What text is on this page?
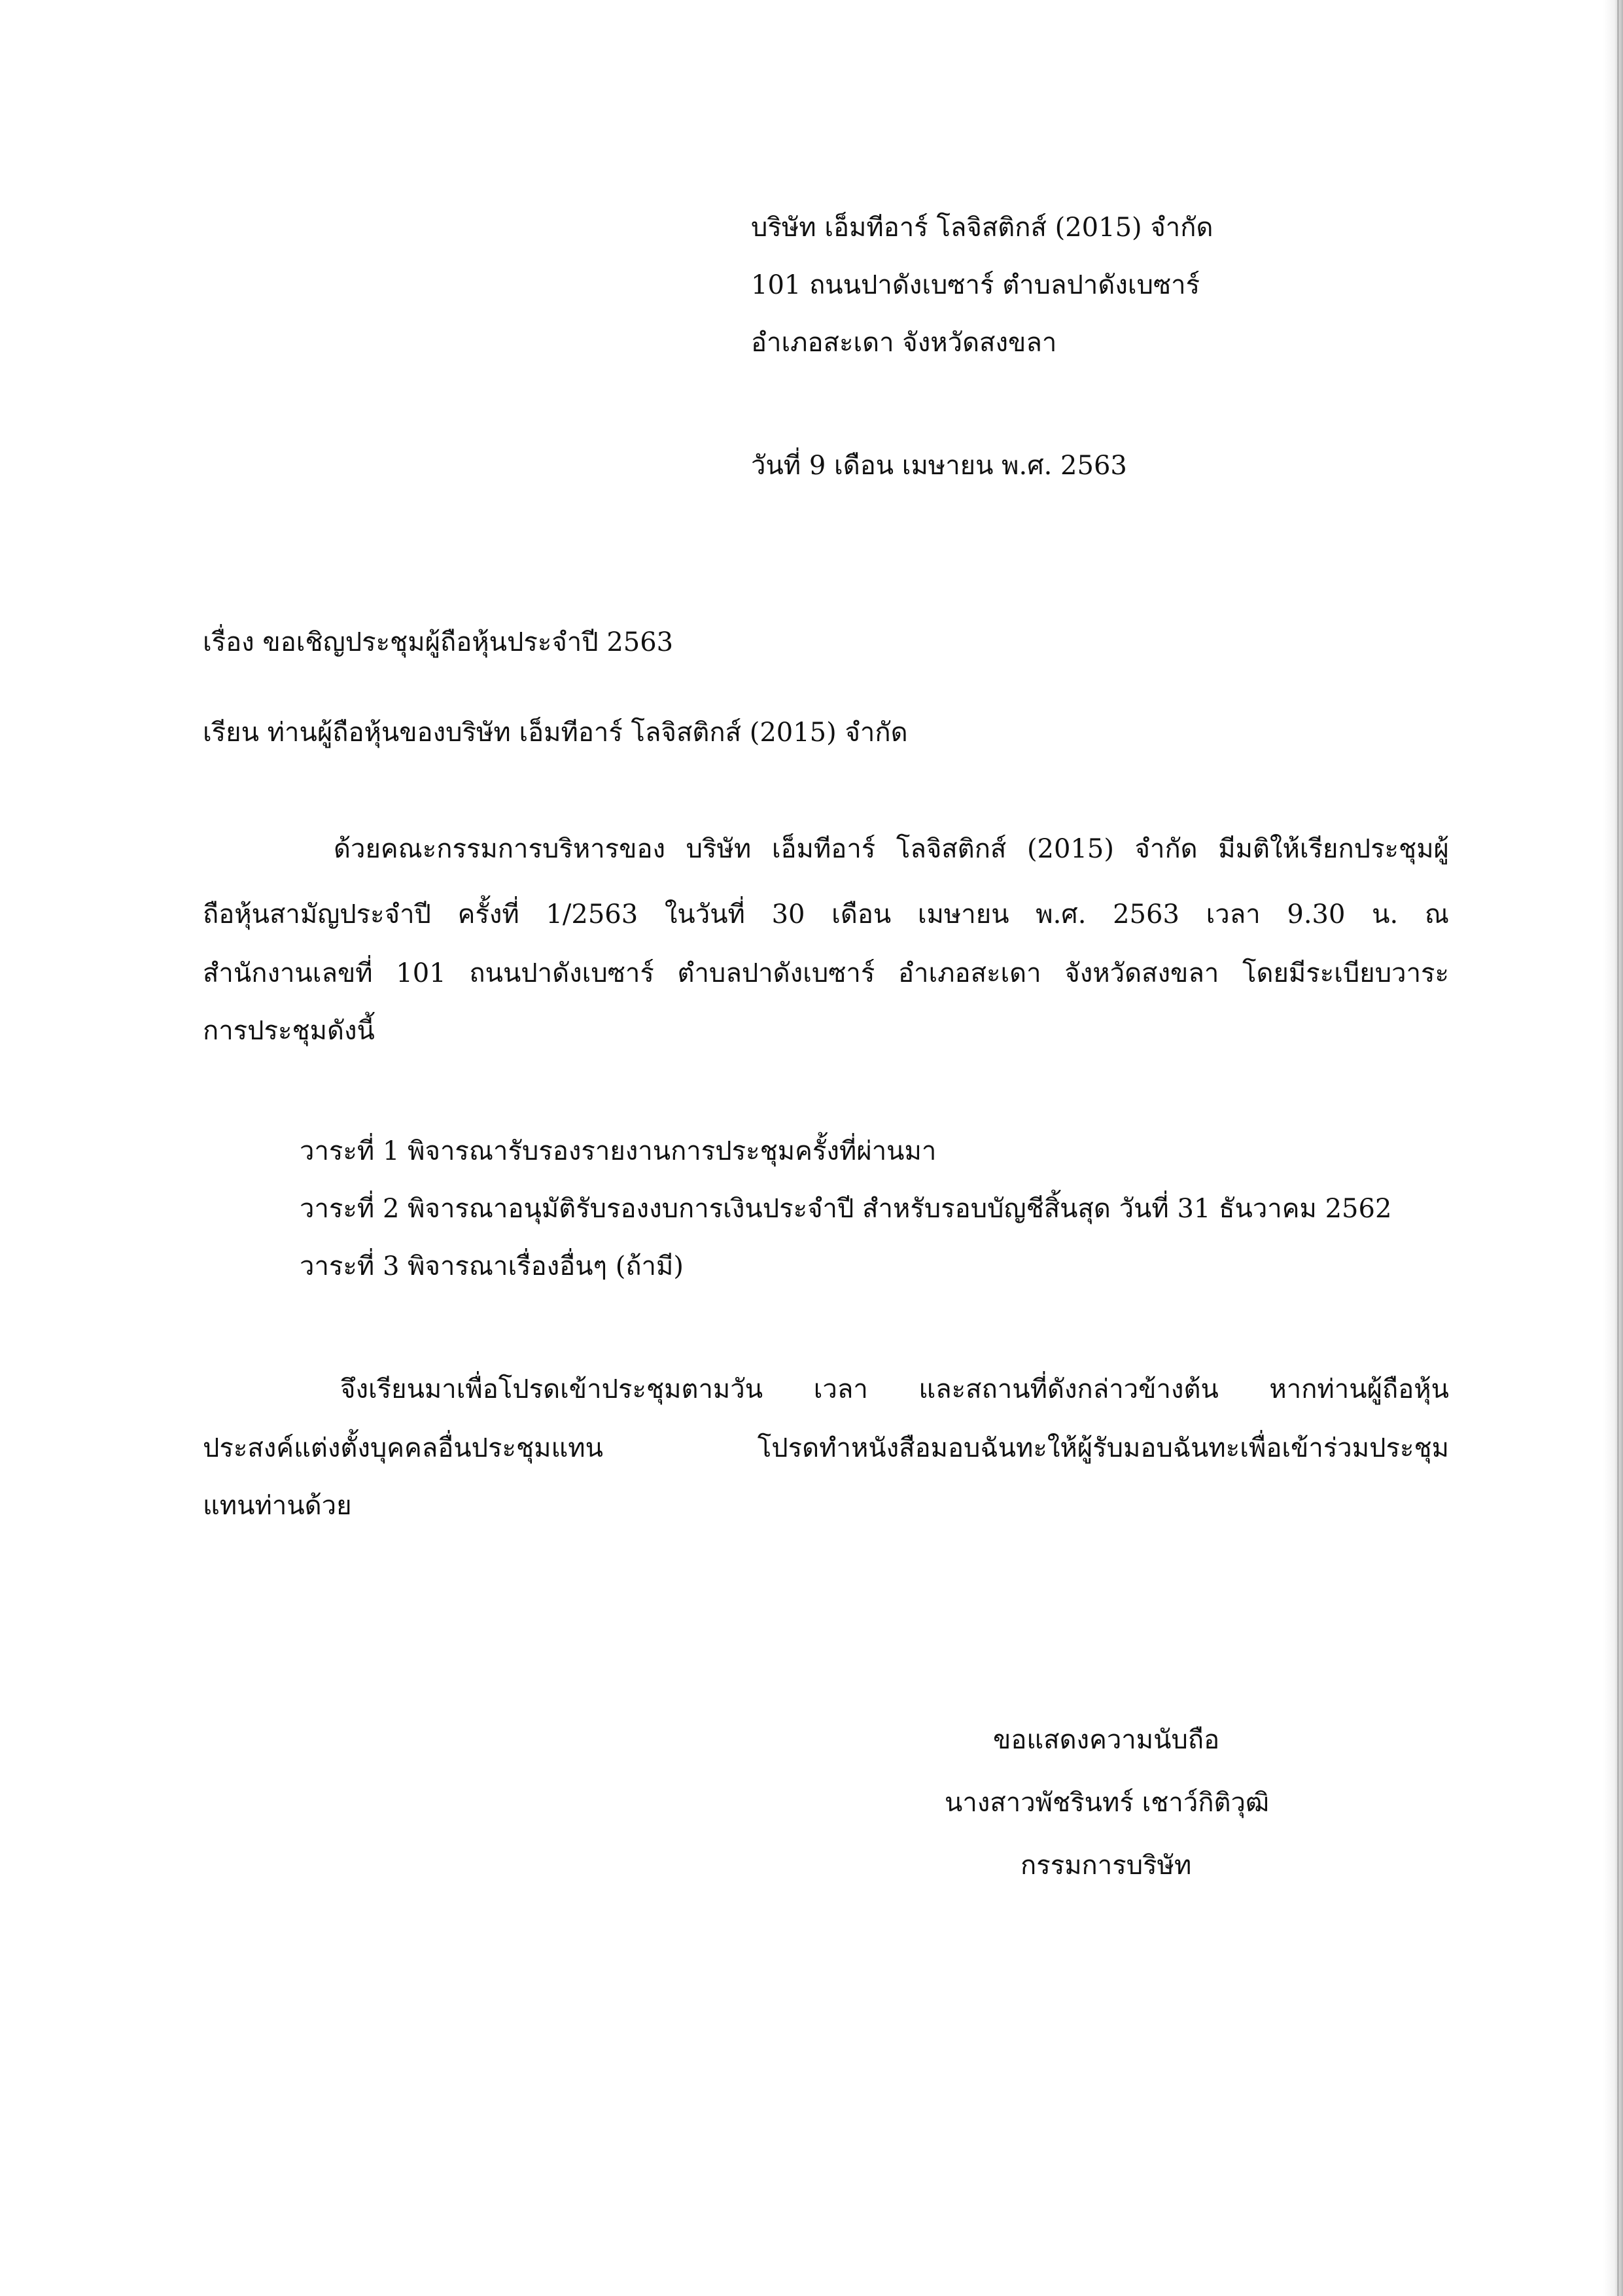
บริษัท เอ็มทีอาร์ โลจิสติกส์ (2015) จำกัด
101 ถนนปาดังเบซาร์ ตำบลปาดังเบซาร์
อำเภอสะเดา จังหวัดสงขลา
วันที่ 9 เดือน เมษายน พ.ศ. 2563
เรื่อง ขอเชิญประชุมผู้ถือหุ้นประจำปี 2563
เรียน ท่านผู้ถือหุ้นของบริษัท เอ็มทีอาร์ โลจิสติกส์ (2015) จำกัด
ด้วยคณะกรรมการบริหารของ บริษัท เอ็มทีอาร์ โลจิสติกส์ (2015) จำกัด มีมติให้เรียกประชุมผู้
ถือหุ้นสามัญประจำปี ครั้งที่ 1/2563 ในวันที่ 30 เดือน เมษายน พ.ศ. 2563 เวลา 9.30 น. ณ
สำนักงานเลขที่ 101 ถนนปาดังเบซาร์ ตำบลปาดังเบซาร์ อำเภอสะเดา จังหวัดสงขลา โดยมีระเบียบวาระ
การประชุมดังนี้
วาระที่ 1 พิจารณารับรองรายงานการประชุมครั้งที่ผ่านมา
วาระที่ 2 พิจารณาอนุมัติรับรองงบการเงินประจำปี สำหรับรอบบัญชีสิ้นสุด วันที่ 31 ธันวาคม 2562
วาระที่ 3 พิจารณาเรื่องอื่นๆ (ถ้ามี)
จึงเรียนมาเพื่อโปรดเข้าประชุมตามวัน เวลา และสถานที่ดังกล่าวข้างต้น หากท่านผู้ถือหุ้น
ประสงค์แต่งตั้งบุคคลอื่นประชุมแทน โปรดทำหนังสือมอบฉันทะให้ผู้รับมอบฉันทะเพื่อเข้าร่วมประชุม
แทนท่านด้วย
ขอแสดงความนับถือ
นางสาวพัชรินทร์ เชาว์กิติวุฒิ
กรรมการบริษัท
